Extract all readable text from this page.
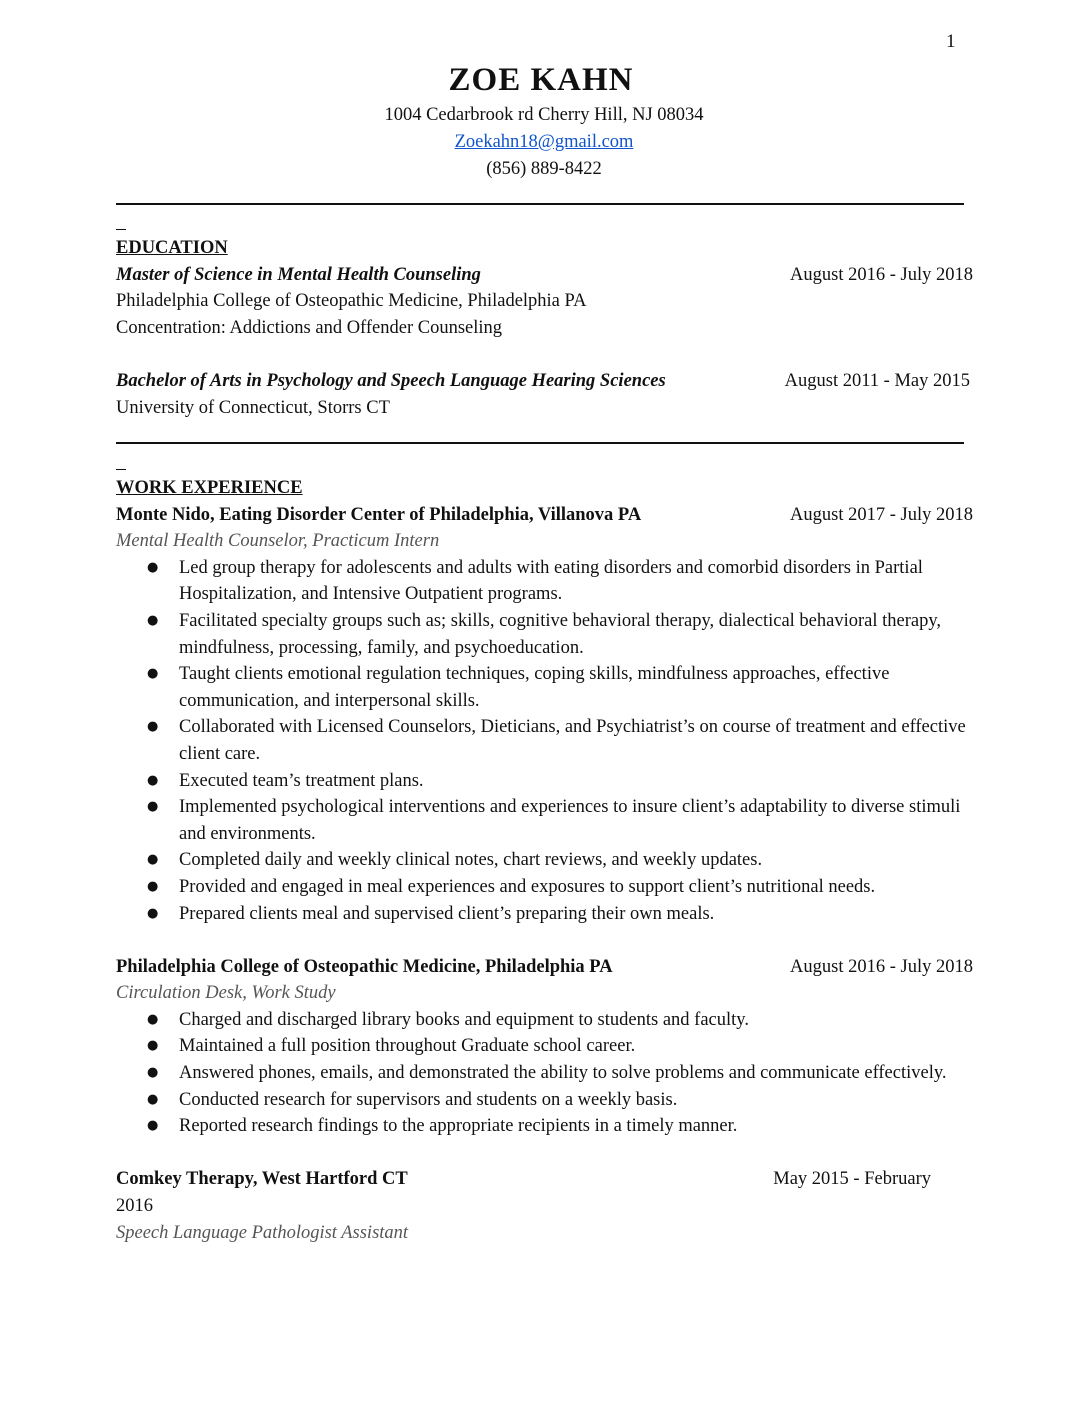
1
ZOE KAHN
1004 Cedarbrook rd Cherry Hill, NJ 08034
Zoekahn18@gmail.com
(856) 889-8422
EDUCATION
Master of Science in Mental Health Counseling	August 2016 - July 2018
Philadelphia College of Osteopathic Medicine, Philadelphia PA
Concentration: Addictions and Offender Counseling
Bachelor of Arts in Psychology and Speech Language Hearing Sciences	August 2011 - May 2015
University of Connecticut, Storrs CT
WORK EXPERIENCE
Monte Nido, Eating Disorder Center of Philadelphia, Villanova PA	August 2017 - July 2018
Mental Health Counselor, Practicum Intern
● Led group therapy for adolescents and adults with eating disorders and comorbid disorders in Partial Hospitalization, and Intensive Outpatient programs.
● Facilitated specialty groups such as; skills, cognitive behavioral therapy, dialectical behavioral therapy, mindfulness, processing, family, and psychoeducation.
● Taught clients emotional regulation techniques, coping skills, mindfulness approaches, effective communication, and interpersonal skills.
● Collaborated with Licensed Counselors, Dieticians, and Psychiatrist’s on course of treatment and effective client care.
● Executed team’s treatment plans.
● Implemented psychological interventions and experiences to insure client’s adaptability to diverse stimuli and environments.
● Completed daily and weekly clinical notes, chart reviews, and weekly updates.
● Provided and engaged in meal experiences and exposures to support client’s nutritional needs.
● Prepared clients meal and supervised client’s preparing their own meals.
Philadelphia College of Osteopathic Medicine, Philadelphia PA	August 2016 - July 2018
Circulation Desk, Work Study
● Charged and discharged library books and equipment to students and faculty.
● Maintained a full position throughout Graduate school career.
● Answered phones, emails, and demonstrated the ability to solve problems and communicate effectively.
● Conducted research for supervisors and students on a weekly basis.
● Reported research findings to the appropriate recipients in a timely manner.
Comkey Therapy, West Hartford CT	May 2015 - February
2016
Speech Language Pathologist Assistant
